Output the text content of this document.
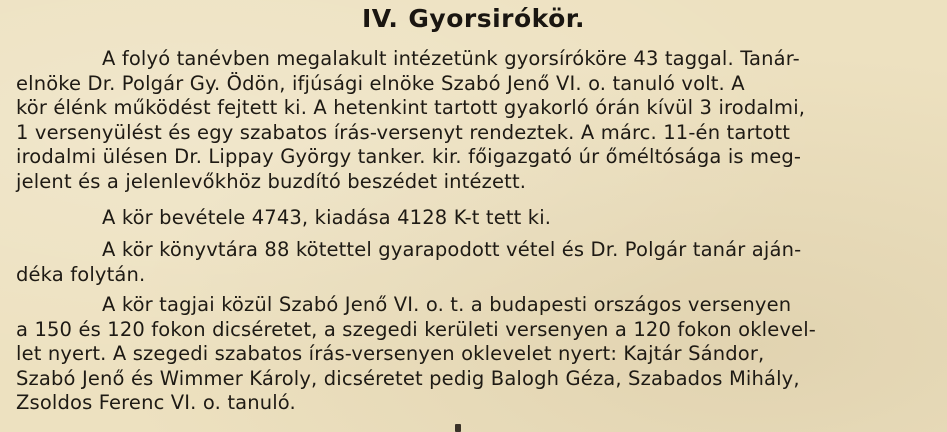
IV. Gyorsirókör.
A folyó tanévben megalakult intézetünk gyorsíróköre 43 taggal. Tanár-
elnöke Dr. Polgár Gy. Ödön, ifjúsági elnöke Szabó Jenő VI. o. tanuló volt. A
kör élénk működést fejtett ki. A hetenkint tartott gyakorló órán kívül 3 irodalmi,
1 versenyülést és egy szabatos írás-versenyt rendeztek. A márc. 11-én tartott
irodalmi ülésen Dr. Lippay György tanker. kir. főigazgató úr őméltósága is meg-
jelent és a jelenlevőkhöz buzdító beszédet intézett.
A kör bevétele 4743, kiadása 4128 K-t tett ki.
A kör könyvtára 88 kötettel gyarapodott vétel és Dr. Polgár tanár aján-
déka folytán.
A kör tagjai közül Szabó Jenő VI. o. t. a budapesti országos versenyen
a 150 és 120 fokon dicséretet, a szegedi kerületi versenyen a 120 fokon oklevel-
let nyert. A szegedi szabatos írás-versenyen oklevelet nyert: Kajtár Sándor,
Szabó Jenő és Wimmer Károly, dicséretet pedig Balogh Géza, Szabados Mihály,
Zsoldos Ferenc VI. o. tanuló.
